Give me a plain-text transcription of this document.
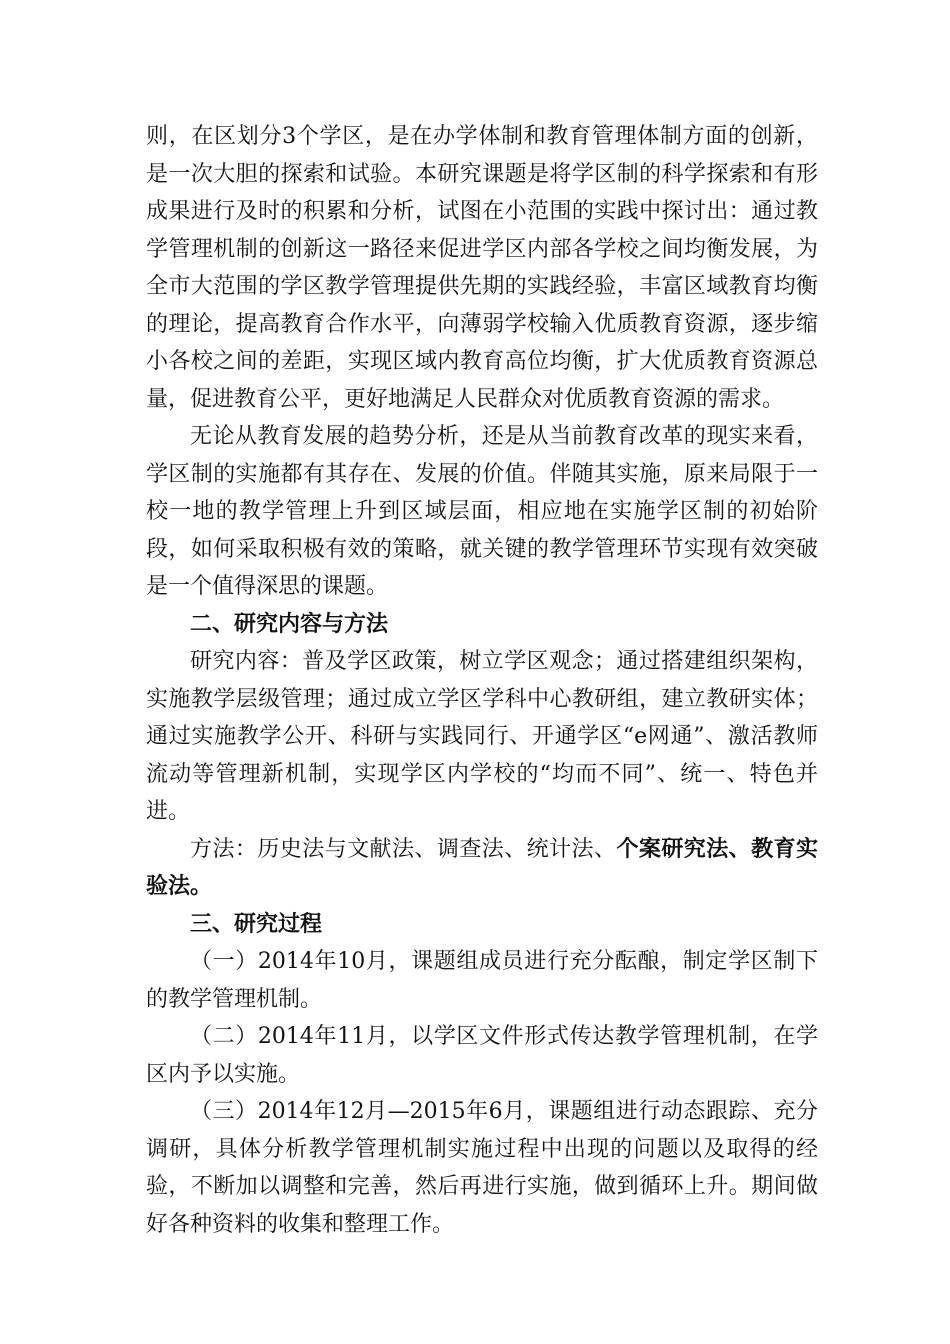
则，在区划分3个学区，是在办学体制和教育管理体制方面的创新，是一次大胆的探索和试验。本研究课题是将学区制的科学探索和有形成果进行及时的积累和分析，试图在小范围的实践中探讨出：通过教学管理机制的创新这一路径来促进学区内部各学校之间均衡发展，为全市大范围的学区教学管理提供先期的实践经验，丰富区域教育均衡的理论，提高教育合作水平，向薄弱学校输入优质教育资源，逐步缩小各校之间的差距，实现区域内教育高位均衡，扩大优质教育资源总量，促进教育公平，更好地满足人民群众对优质教育资源的需求。

无论从教育发展的趋势分析，还是从当前教育改革的现实来看，学区制的实施都有其存在、发展的价值。伴随其实施，原来局限于一校一地的教学管理上升到区域层面，相应地在实施学区制的初始阶段，如何采取积极有效的策略，就关键的教学管理环节实现有效突破是一个值得深思的课题。

二、研究内容与方法

研究内容：普及学区政策，树立学区观念；通过搭建组织架构，实施教学层级管理；通过成立学区学科中心教研组，建立教研实体；通过实施教学公开、科研与实践同行、开通学区“e网通”、激活教师流动等管理新机制，实现学区内学校的“均而不同”、统一、特色并进。

方法：历史法与文献法、调查法、统计法、个案研究法、教育实验法。

三、研究过程

（一）2014年10月，课题组成员进行充分酝酿，制定学区制下的教学管理机制。

（二）2014年11月，以学区文件形式传达教学管理机制，在学区内予以实施。

（三）2014年12月—2015年6月，课题组进行动态跟踪、充分调研，具体分析教学管理机制实施过程中出现的问题以及取得的经验，不断加以调整和完善，然后再进行实施，做到循环上升。期间做好各种资料的收集和整理工作。
